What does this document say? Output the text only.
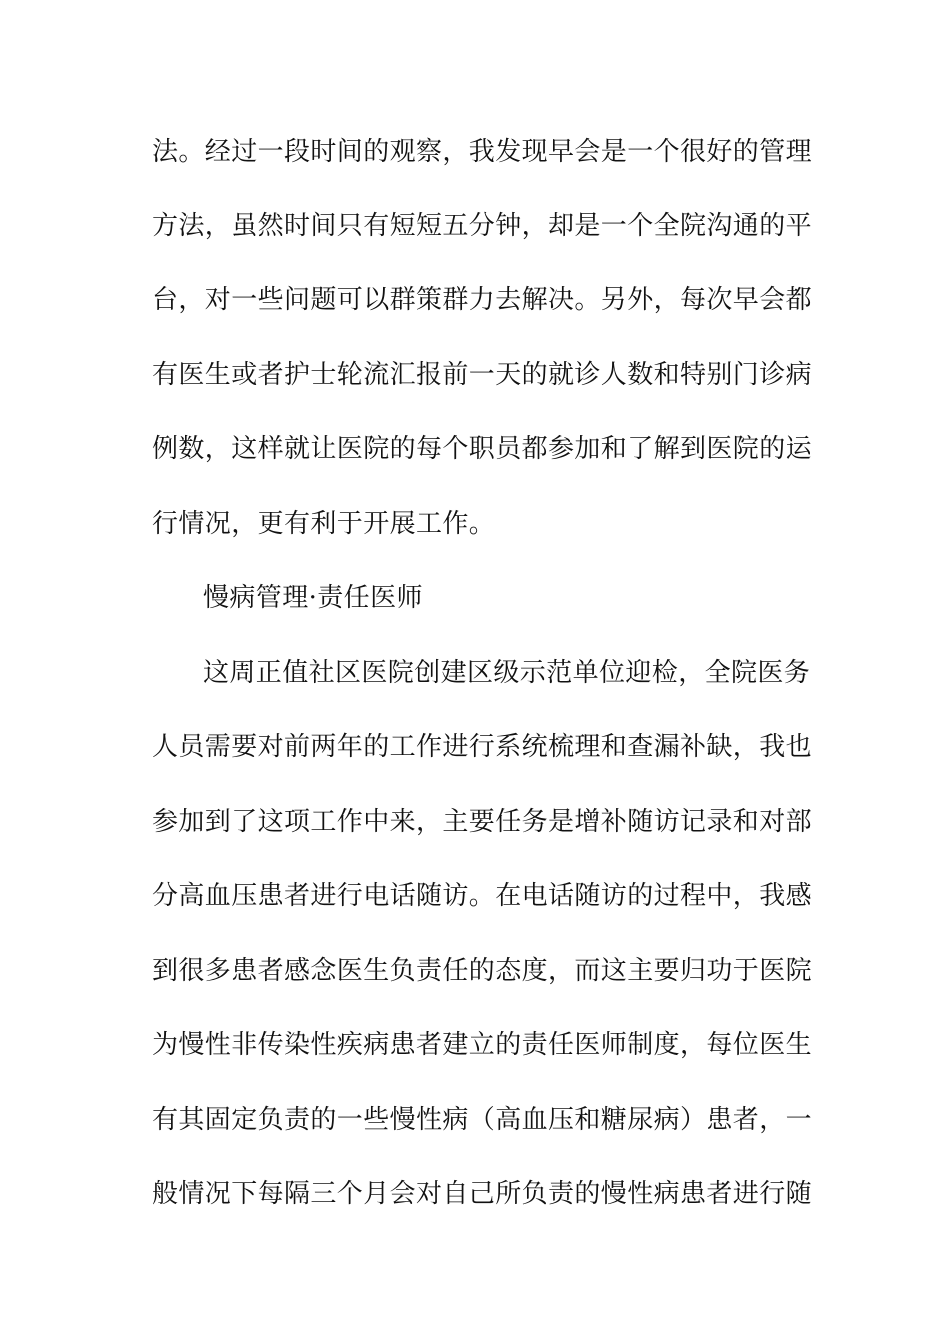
法。经过一段时间的观察，我发现早会是一个很好的管理
方法，虽然时间只有短短五分钟，却是一个全院沟通的平
台，对一些问题可以群策群力去解决。另外，每次早会都
有医生或者护士轮流汇报前一天的就诊人数和特别门诊病
例数，这样就让医院的每个职员都参加和了解到医院的运
行情况，更有利于开展工作。
慢病管理·责任医师
这周正值社区医院创建区级示范单位迎检，全院医务
人员需要对前两年的工作进行系统梳理和查漏补缺，我也
参加到了这项工作中来，主要任务是增补随访记录和对部
分高血压患者进行电话随访。在电话随访的过程中，我感
到很多患者感念医生负责任的态度，而这主要归功于医院
为慢性非传染性疾病患者建立的责任医师制度，每位医生
有其固定负责的一些慢性病（高血压和糖尿病）患者，一
般情况下每隔三个月会对自己所负责的慢性病患者进行随
